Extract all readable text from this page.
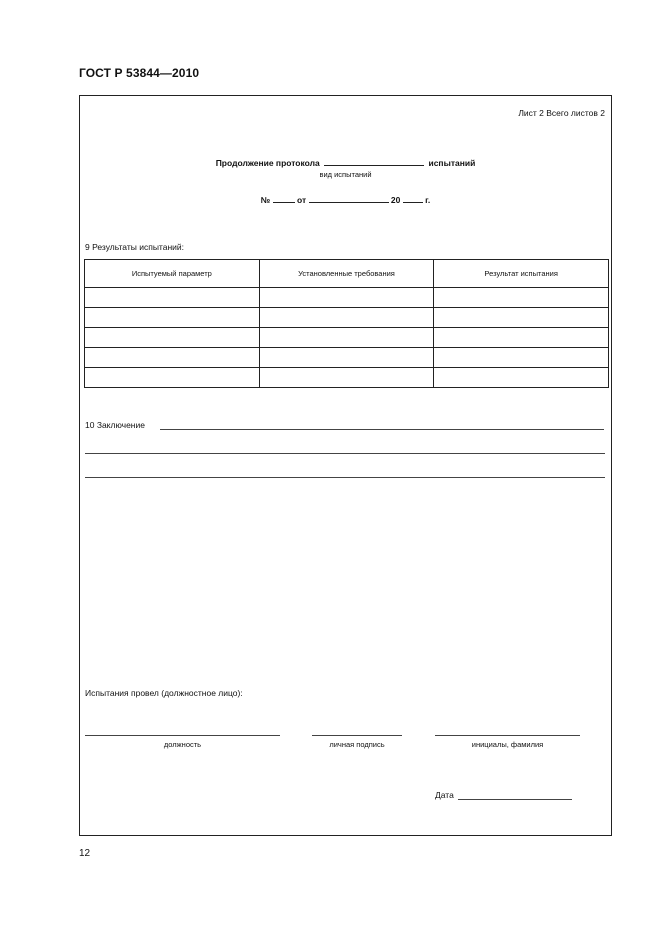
ГОСТ Р 53844—2010
Лист 2 Всего листов 2
Продолжение протокола	испытаний
вид испытаний
№	от	20	г.
9 Результаты испытаний:
Испытуемый параметр	Установленные требования	Результат испытания

10 Заключение
Испытания провел (должностное лицо):
должность	личная подпись	инициалы, фамилия
Дата
12
